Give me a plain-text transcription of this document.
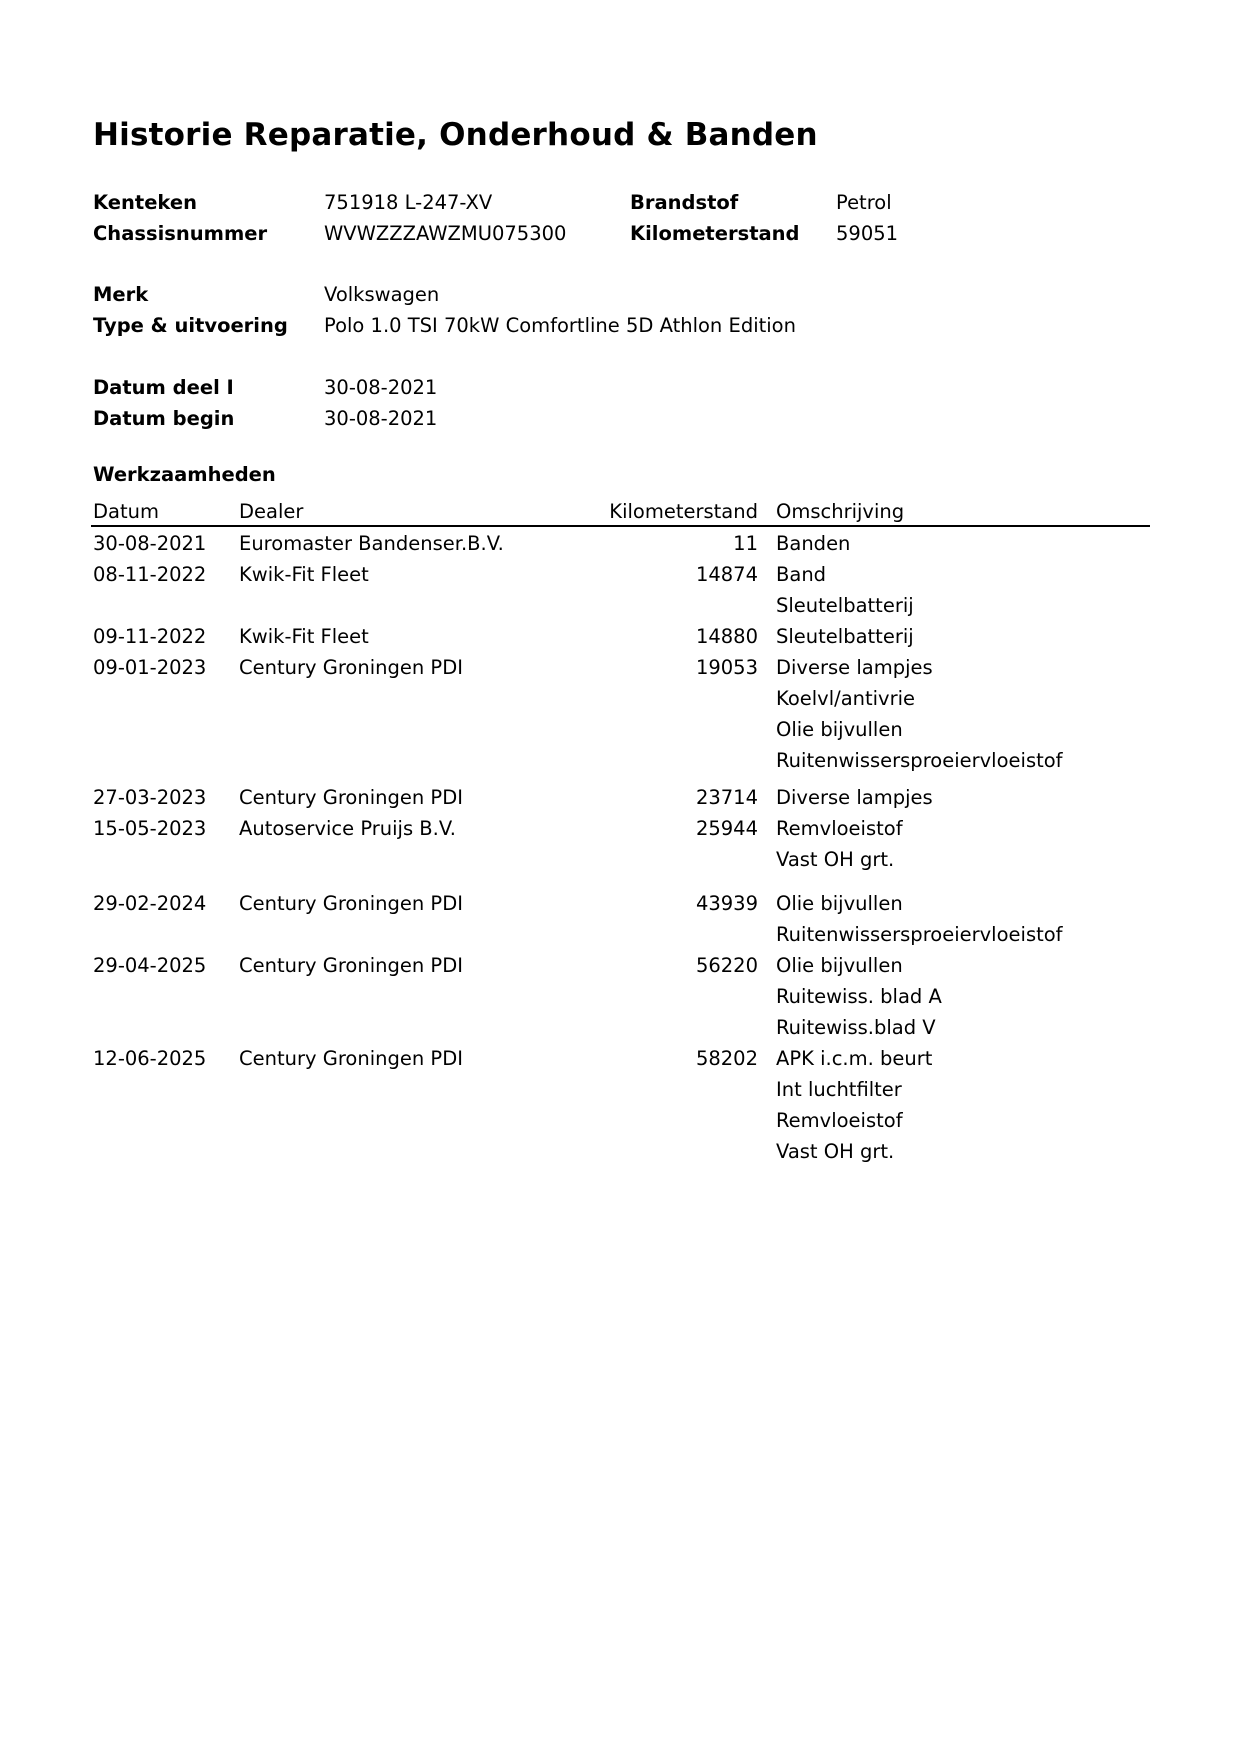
Historie Reparatie, Onderhoud & Banden
Kenteken	751918 L-247-XV	Brandstof	Petrol
Chassisnummer	WVWZZZAWZMU075300	Kilometerstand 59051
Merk	Volkswagen
Type & uitvoering Polo 1.0 TSI 70kW Comfortline 5D Athlon Edition
Datum deel I	30-08-2021
Datum begin	30-08-2021
Werkzaamheden
Datum	Dealer	Kilometerstand Omschrijving
30-08-2021 Euromaster Bandenser.B.V.	11 Banden
08-11-2022 Kwik-Fit Fleet	14874 Band
Sleutelbatterij
09-11-2022 Kwik-Fit Fleet	14880 Sleutelbatterij
09-01-2023 Century Groningen PDI	19053 Diverse lampjes
Koelvl/antivrie
Olie bijvullen
Ruitenwissersproeiervloeistof
27-03-2023 Century Groningen PDI	23714 Diverse lampjes
15-05-2023 Autoservice Pruijs B.V.	25944 Remvloeistof
Vast OH grt.
29-02-2024 Century Groningen PDI	43939 Olie bijvullen
Ruitenwissersproeiervloeistof
29-04-2025 Century Groningen PDI	56220 Olie bijvullen
Ruitewiss. blad A
Ruitewiss.blad V
12-06-2025 Century Groningen PDI	58202 APK i.c.m. beurt
Int luchtfilter
Remvloeistof
Vast OH grt.
